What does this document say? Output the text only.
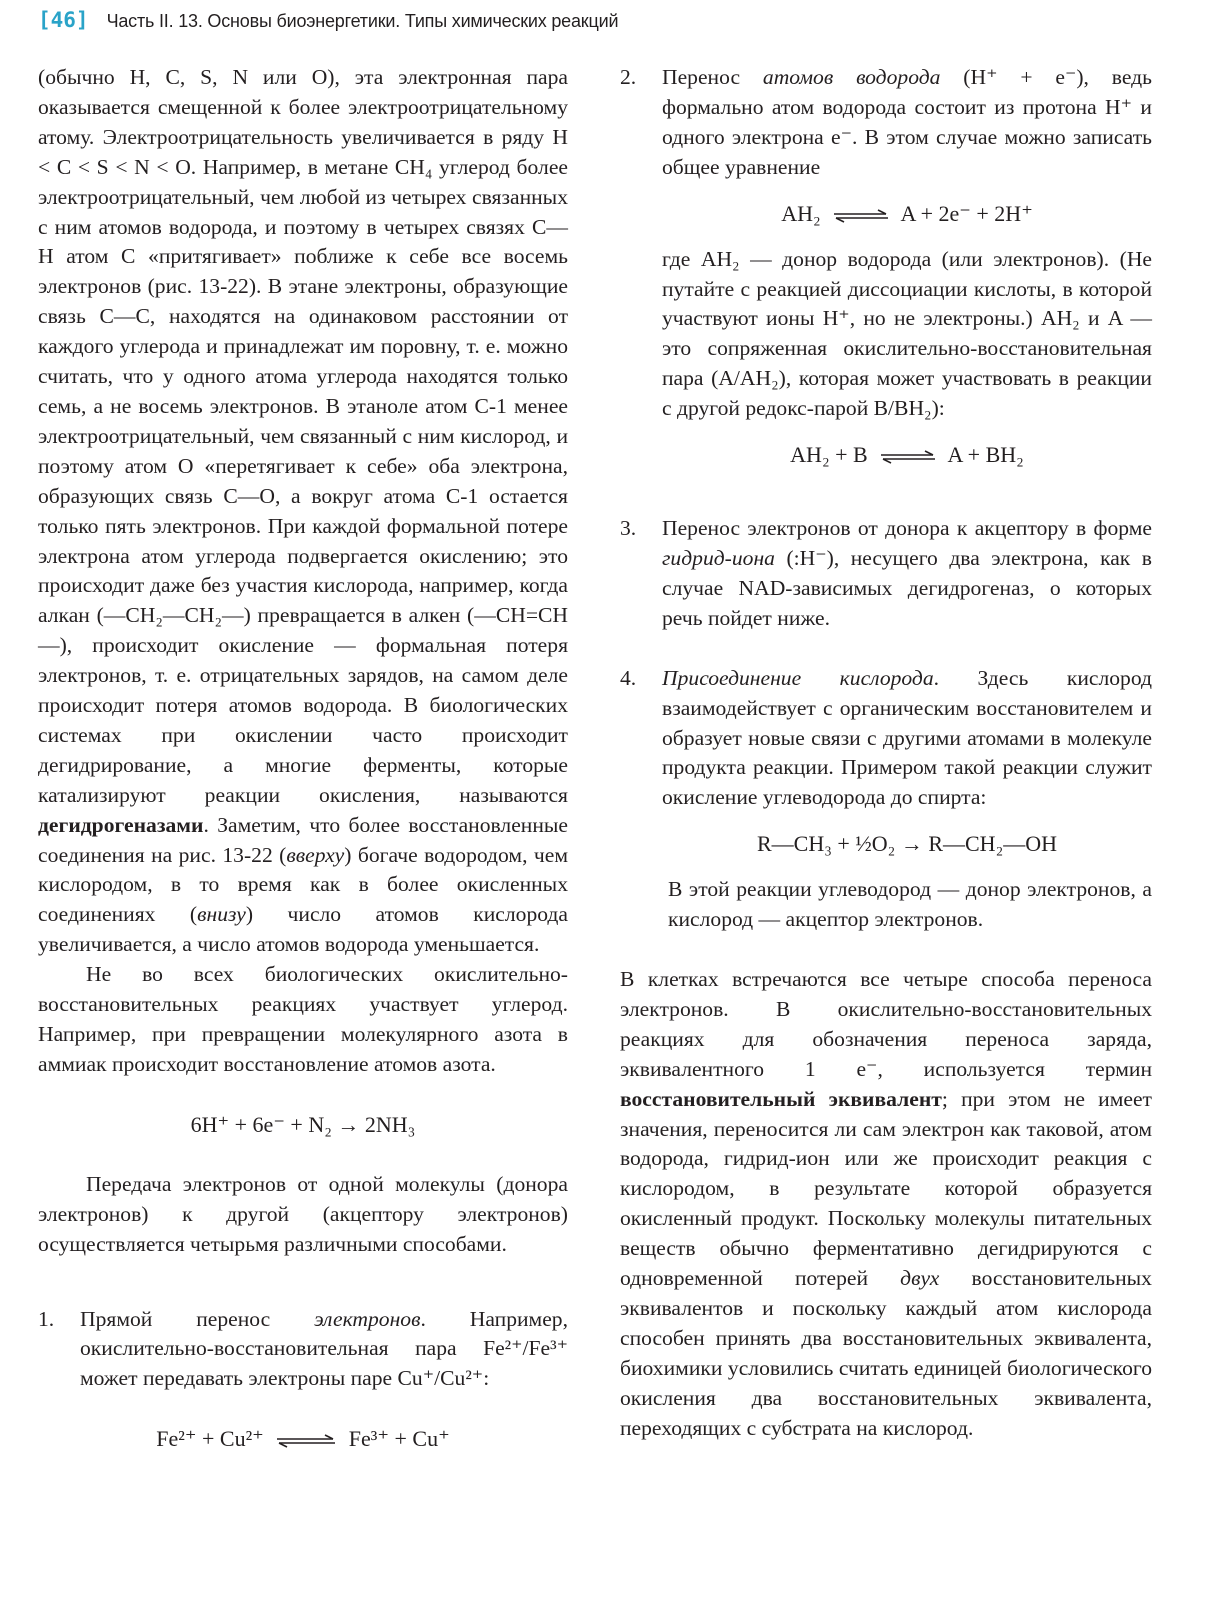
[46] Часть II. 13. Основы биоэнергетики. Типы химических реакций

(обычно H, C, S, N или O), эта электронная пара оказывается смещенной к более электроотрицательному атому. Электроотрицательность увеличивается в ряду H < C < S < N < O. Например, в метане CH₄ углерод более электроотрицательный, чем любой из четырех связанных с ним атомов водорода, и поэтому в четырех связях C—H атом C «притягивает» поближе к себе все восемь электронов (рис. 13-22). В этане электроны, образующие связь C—C, находятся на одинаковом расстоянии от каждого углерода и принадлежат им поровну, т. е. можно считать, что у одного атома углерода находятся только семь, а не восемь электронов. В этаноле атом C-1 менее электроотрицательный, чем связанный с ним кислород, и поэтому атом O «перетягивает к себе» оба электрона, образующих связь C—O, а вокруг атома C-1 остается только пять электронов. При каждой формальной потере электрона атом углерода подвергается окислению; это происходит даже без участия кислорода, например, когда алкан (—CH₂—CH₂—) превращается в алкен (—CH=CH—), происходит окисление — формальная потеря электронов, т. е. отрицательных зарядов, на самом деле происходит потеря атомов водорода. В биологических системах при окислении часто происходит дегидрирование, а многие ферменты, которые катализируют реакции окисления, называются дегидрогеназами. Заметим, что более восстановленные соединения на рис. 13-22 (вверху) богаче водородом, чем кислородом, в то время как в более окисленных соединениях (внизу) число атомов кислорода увеличивается, а число атомов водорода уменьшается.

Не во всех биологических окислительно-восстановительных реакциях участвует углерод. Например, при превращении молекулярного азота в аммиак происходит восстановление атомов азота.

6H⁺ + 6e⁻ + N₂ → 2NH₃

Передача электронов от одной молекулы (донора электронов) к другой (акцептору электронов) осуществляется четырьмя различными способами.

1. Прямой перенос электронов. Например, окислительно-восстановительная пара Fe²⁺/Fe³⁺ может передавать электроны паре Cu⁺/Cu²⁺:

Fe²⁺ + Cu²⁺ ⇌ Fe³⁺ + Cu⁺

2. Перенос атомов водорода (H⁺ + e⁻), ведь формально атом водорода состоит из протона H⁺ и одного электрона e⁻. В этом случае можно записать общее уравнение

AH₂ ⇌ A + 2e⁻ + 2H⁺

где AH₂ — донор водорода (или электронов). (Не путайте с реакцией диссоциации кислоты, в которой участвуют ионы H⁺, но не электроны.) AH₂ и A — это сопряженная окислительно-восстановительная пара (A/AH₂), которая может участвовать в реакции с другой редокс-парой B/BH₂):

AH₂ + B ⇌ A + BH₂

3. Перенос электронов от донора к акцептору в форме гидрид-иона (:H⁻), несущего два электрона, как в случае NAD-зависимых дегидрогеназ, о которых речь пойдет ниже.

4. Присоединение кислорода. Здесь кислород взаимодействует с органическим восстановителем и образует новые связи с другими атомами в молекуле продукта реакции. Примером такой реакции служит окисление углеводорода до спирта:

R—CH₃ + ½O₂ → R—CH₂—OH

В этой реакции углеводород — донор электронов, а кислород — акцептор электронов.

В клетках встречаются все четыре способа переноса электронов. В окислительно-восстановительных реакциях для обозначения переноса заряда, эквивалентного 1 e⁻, используется термин восстановительный эквивалент; при этом не имеет значения, переносится ли сам электрон как таковой, атом водорода, гидрид-ион или же происходит реакция с кислородом, в результате которой образуется окисленный продукт. Поскольку молекулы питательных веществ обычно ферментативно дегидрируются с одновременной потерей двух восстановительных эквивалентов и поскольку каждый атом кислорода способен принять два восстановительных эквивалента, биохимики условились считать единицей биологического окисления два восстановительных эквивалента, переходящих с субстрата на кислород.
